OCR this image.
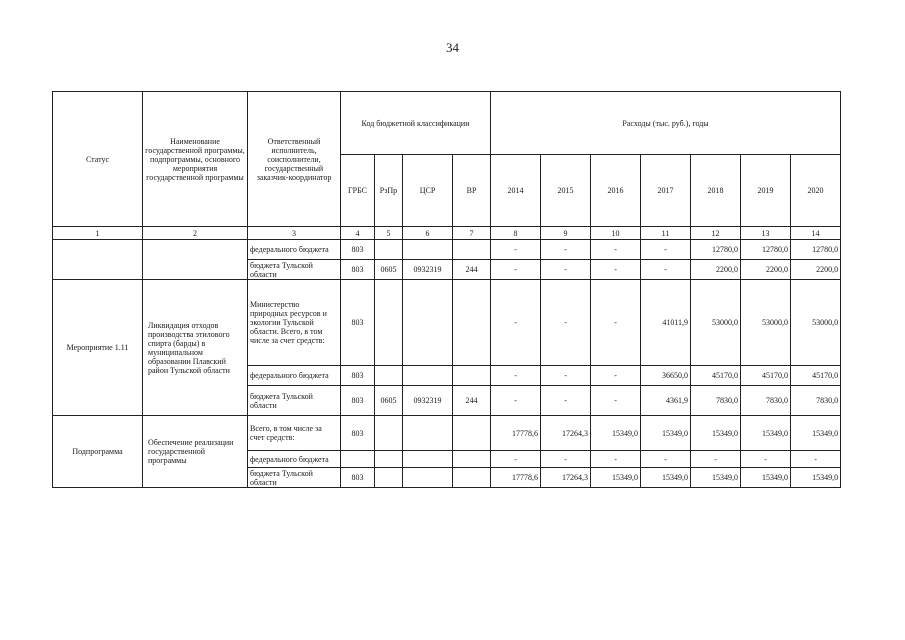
34
Статус	Наименование государственной программы, подпрограммы, основного мероприятия государственной программы	Ответственный исполнитель, соисполнители, государственный заказчик-координатор	Код бюджетной классификации				Расходы (тыс. руб.), годы						
			ГРБС	РзПр	ЦСР	ВР	2014	2015	2016	2017	2018	2019	2020
1	2	3	4	5	6	7	8	9	10	11	12	13	14
		федерального бюджета	803				-	-	-	-	12780,0	12780,0	12780,0
		бюджета Тульской области	803	0605	0932319	244	-	-	-	-	2200,0	2200,0	2200,0
Мероприятие 1.11	Ликвидация отходов производства этилового спирта (барды) в муниципальном образовании Плавский район Тульской области	Министерство природных ресурсов и экологии Тульской области. Всего, в том числе за счет средств:	803				-	-	-	41011,9	53000,0	53000,0	53000,0
		федерального бюджета	803				-	-	-	36650,0	45170,0	45170,0	45170,0
		бюджета Тульской области	803	0605	0932319	244	-	-	-	4361,9	7830,0	7830,0	7830,0
Подпрограмма	Обеспечение реализации государственной программы	Всего, в том числе за счет средств:	803				17778,6	17264,3	15349,0	15349,0	15349,0	15349,0	15349,0
		федерального бюджета					-	-	-	-	-	-	-
		бюджета Тульской области	803				17778,6	17264,3	15349,0	15349,0	15349,0	15349,0	15349,0
